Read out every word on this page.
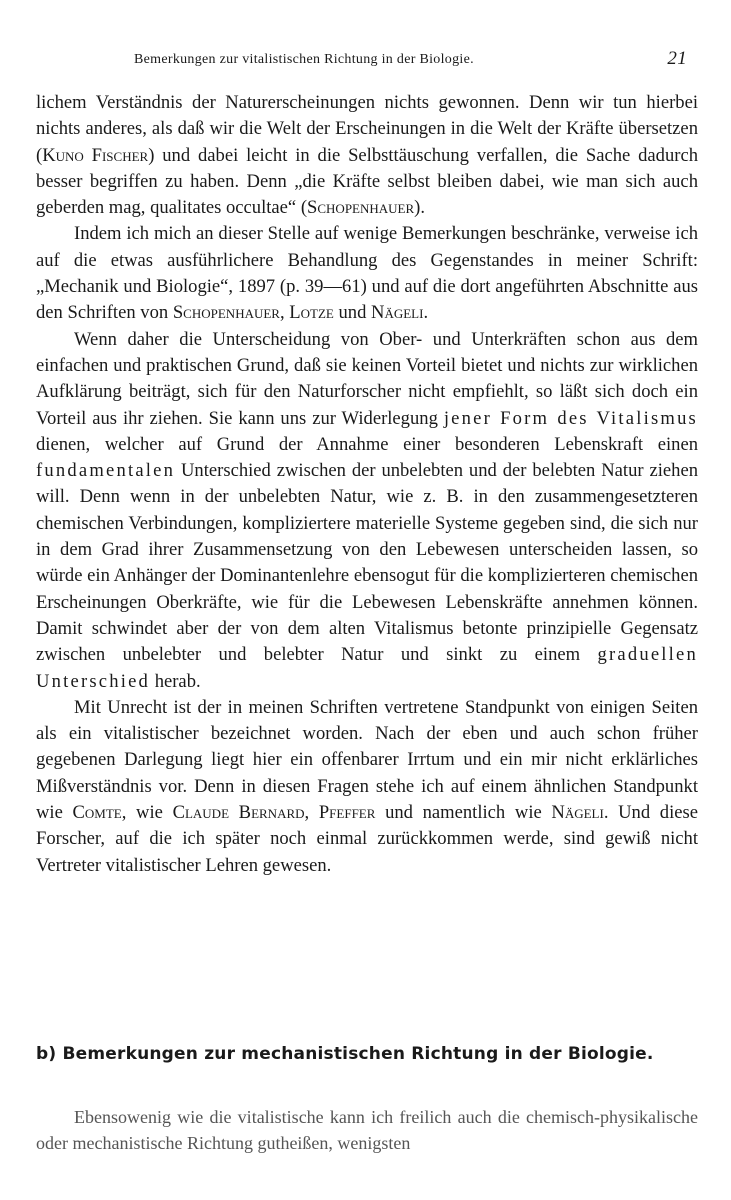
Bemerkungen zur vitalistischen Richtung in der Biologie.	21

lichem Verständnis der Naturerscheinungen nichts gewonnen. Denn wir tun hierbei nichts anderes, als daß wir die Welt der Erscheinungen in die Welt der Kräfte übersetzen (Kuno Fischer) und dabei leicht in die Selbsttäuschung verfallen, die Sache dadurch besser begriffen zu haben. Denn „die Kräfte selbst bleiben dabei, wie man sich auch geberden mag, qualitates occultae“ (Schopenhauer).

Indem ich mich an dieser Stelle auf wenige Bemerkungen beschränke, verweise ich auf die etwas ausführlichere Behandlung des Gegenstandes in meiner Schrift: „Mechanik und Biologie“, 1897 (p. 39—61) und auf die dort angeführten Abschnitte aus den Schriften von Schopenhauer, Lotze und Nägeli.

Wenn daher die Unterscheidung von Ober- und Unterkräften schon aus dem einfachen und praktischen Grund, daß sie keinen Vorteil bietet und nichts zur wirklichen Aufklärung beiträgt, sich für den Naturforscher nicht empfiehlt, so läßt sich doch ein Vorteil aus ihr ziehen. Sie kann uns zur Widerlegung jener Form des Vitalismus dienen, welcher auf Grund der Annahme einer besonderen Lebenskraft einen fundamentalen Unterschied zwischen der unbelebten und der belebten Natur ziehen will. Denn wenn in der unbelebten Natur, wie z. B. in den zusammengesetzteren chemischen Verbindungen, kompliziertere materielle Systeme gegeben sind, die sich nur in dem Grad ihrer Zusammensetzung von den Lebewesen unterscheiden lassen, so würde ein Anhänger der Dominantenlehre ebensogut für die komplizierteren chemischen Erscheinungen Oberkräfte, wie für die Lebewesen Lebenskräfte annehmen können. Damit schwindet aber der von dem alten Vitalismus betonte prinzipielle Gegensatz zwischen unbelebter und belebter Natur und sinkt zu einem graduellen Unterschied herab.

Mit Unrecht ist der in meinen Schriften vertretene Standpunkt von einigen Seiten als ein vitalistischer bezeichnet worden. Nach der eben und auch schon früher gegebenen Darlegung liegt hier ein offenbarer Irrtum und ein mir nicht erklärliches Mißverständnis vor. Denn in diesen Fragen stehe ich auf einem ähnlichen Standpunkt wie Comte, wie Claude Bernard, Pfeffer und namentlich wie Nägeli. Und diese Forscher, auf die ich später noch einmal zurückkommen werde, sind gewiß nicht Vertreter vitalistischer Lehren gewesen.

b) Bemerkungen zur mechanistischen Richtung in der Biologie.

Ebensowenig wie die vitalistische kann ich freilich auch die chemisch-physikalische oder mechanistische Richtung gutheißen, wenigsten
